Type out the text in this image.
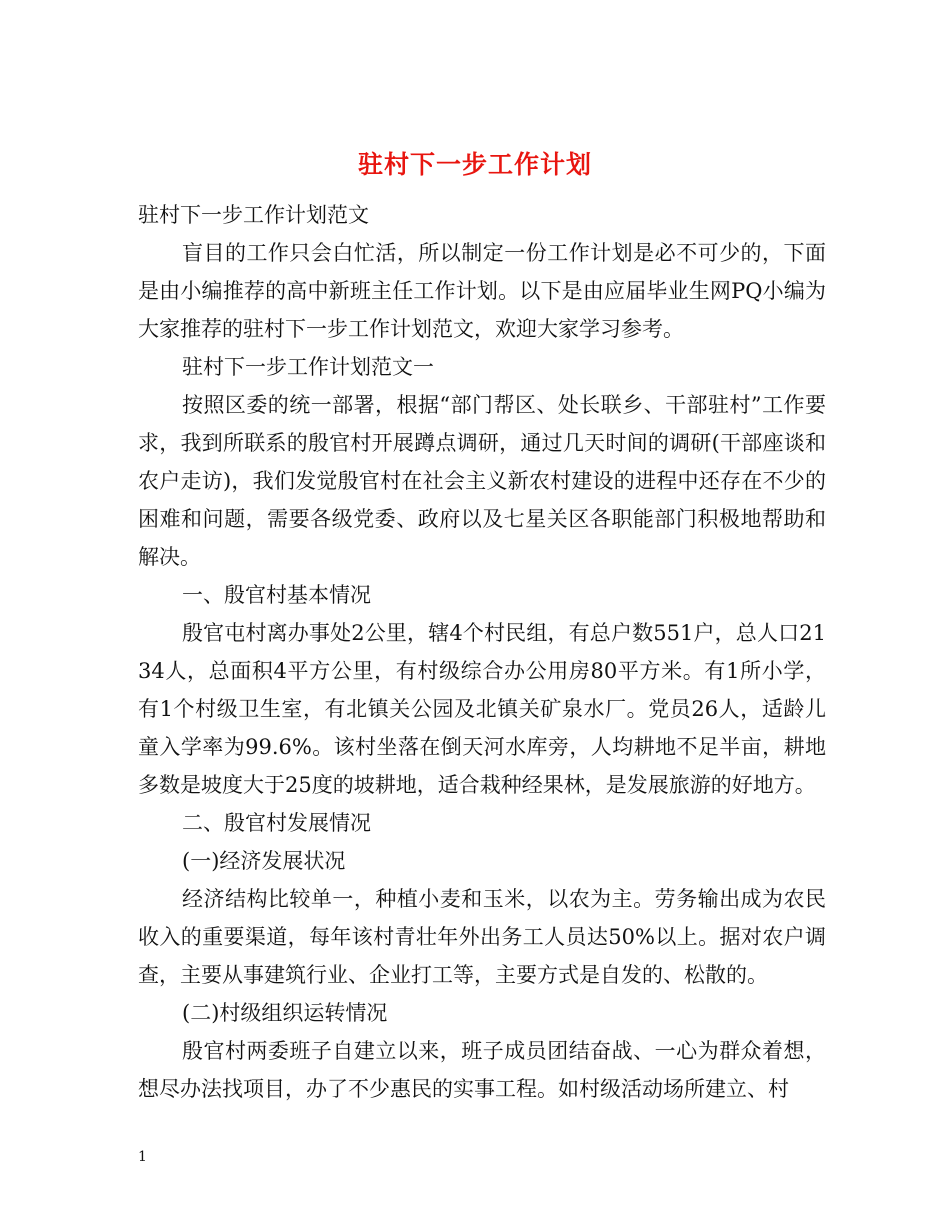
驻村下一步工作计划

驻村下一步工作计划范文

盲目的工作只会白忙活，所以制定一份工作计划是必不可少的，下面是由小编推荐的高中新班主任工作计划。以下是由应届毕业生网PQ小编为大家推荐的驻村下一步工作计划范文，欢迎大家学习参考。

驻村下一步工作计划范文一

按照区委的统一部署，根据“部门帮区、处长联乡、干部驻村”工作要求，我到所联系的殷官村开展蹲点调研，通过几天时间的调研(干部座谈和农户走访)，我们发觉殷官村在社会主义新农村建设的进程中还存在不少的困难和问题，需要各级党委、政府以及七星关区各职能部门积极地帮助和解决。

一、殷官村基本情况

殷官屯村离办事处2公里，辖4个村民组，有总户数551户，总人口2134人，总面积4平方公里，有村级综合办公用房80平方米。有1所小学，有1个村级卫生室，有北镇关公园及北镇关矿泉水厂。党员26人，适龄儿童入学率为99.6%。该村坐落在倒天河水库旁，人均耕地不足半亩，耕地多数是坡度大于25度的坡耕地，适合栽种经果林，是发展旅游的好地方。

二、殷官村发展情况

(一)经济发展状况

经济结构比较单一，种植小麦和玉米，以农为主。劳务输出成为农民收入的重要渠道，每年该村青壮年外出务工人员达50%以上。据对农户调查，主要从事建筑行业、企业打工等，主要方式是自发的、松散的。

(二)村级组织运转情况

殷官村两委班子自建立以来，班子成员团结奋战、一心为群众着想，想尽办法找项目，办了不少惠民的实事工程。如村级活动场所建立、村

1
